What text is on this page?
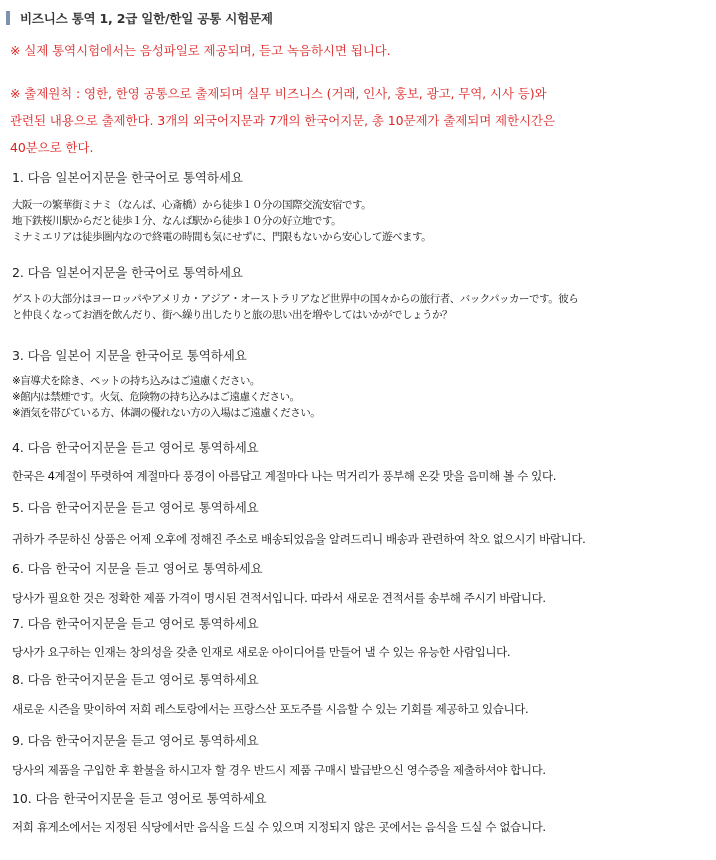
비즈니스 통역 1, 2급 일한/한일 공통 시험문제
※ 실제 통역시험에서는 음성파일로 제공되며, 듣고 녹음하시면 됩니다.
※ 출제원칙 : 영한, 한영 공통으로 출제되며 실무 비즈니스 (거래, 인사, 홍보, 광고, 무역, 시사 등)와
관련된 내용으로 출제한다. 3개의 외국어지문과 7개의 한국어지문, 총 10문제가 출제되며 제한시간은
40분으로 한다.
1. 다음 일본어지문을 한국어로 통역하세요
大阪一の繁華街ミナミ（なんば、心斎橋）から徒歩１０分の国際交流安宿です。
地下鉄桜川駅からだと徒歩１分、なんば駅から徒歩１０分の好立地です。
ミナミエリアは徒歩圏内なので終電の時間も気にせずに、門限もないから安心して遊べます。
2. 다음 일본어지문을 한국어로 통역하세요
ゲストの大部分はヨーロッパやアメリカ・アジア・オーストラリアなど世界中の国々からの旅行者、バックパッカーです。彼ら
と仲良くなってお酒を飲んだり、街へ繰り出したりと旅の思い出を増やしてはいかがでしょうか？
3. 다음 일본어 지문을 한국어로 통역하세요
※盲導犬を除き、ペットの持ち込みはご遠慮ください。
※館内は禁煙です。火気、危険物の持ち込みはご遠慮ください。
※酒気を帯びている方、体調の優れない方の入場はご遠慮ください。
4. 다음 한국어지문을 듣고 영어로 통역하세요
한국은 4계절이 뚜렷하여 계절마다 풍경이 아름답고 계절마다 나는 먹거리가 풍부해 온갖 맛을 음미해 볼 수 있다.
5. 다음 한국어지문을 듣고 영어로 통역하세요
귀하가 주문하신 상품은 어제 오후에 정해진 주소로 배송되었음을 알려드리니 배송과 관련하여 착오 없으시기 바랍니다.
6. 다음 한국어 지문을 듣고 영어로 통역하세요
당사가 필요한 것은 정확한 제품 가격이 명시된 견적서입니다. 따라서 새로운 견적서를 송부해 주시기 바랍니다.
7. 다음 한국어지문을 듣고 영어로 통역하세요
당사가 요구하는 인재는 창의성을 갖춘 인재로 새로운 아이디어를 만들어 낼 수 있는 유능한 사람입니다.
8. 다음 한국어지문을 듣고 영어로 통역하세요
새로운 시즌을 맞이하여 저희 레스토랑에서는 프랑스산 포도주를 시음할 수 있는 기회를 제공하고 있습니다.
9. 다음 한국어지문을 듣고 영어로 통역하세요
당사의 제품을 구입한 후 환불을 하시고자 할 경우 반드시 제품 구매시 발급받으신 영수증을 제출하셔야 합니다.
10. 다음 한국어지문을 듣고 영어로 통역하세요
저희 휴게소에서는 지정된 식당에서만 음식을 드실 수 있으며 지정되지 않은 곳에서는 음식을 드실 수 없습니다.
